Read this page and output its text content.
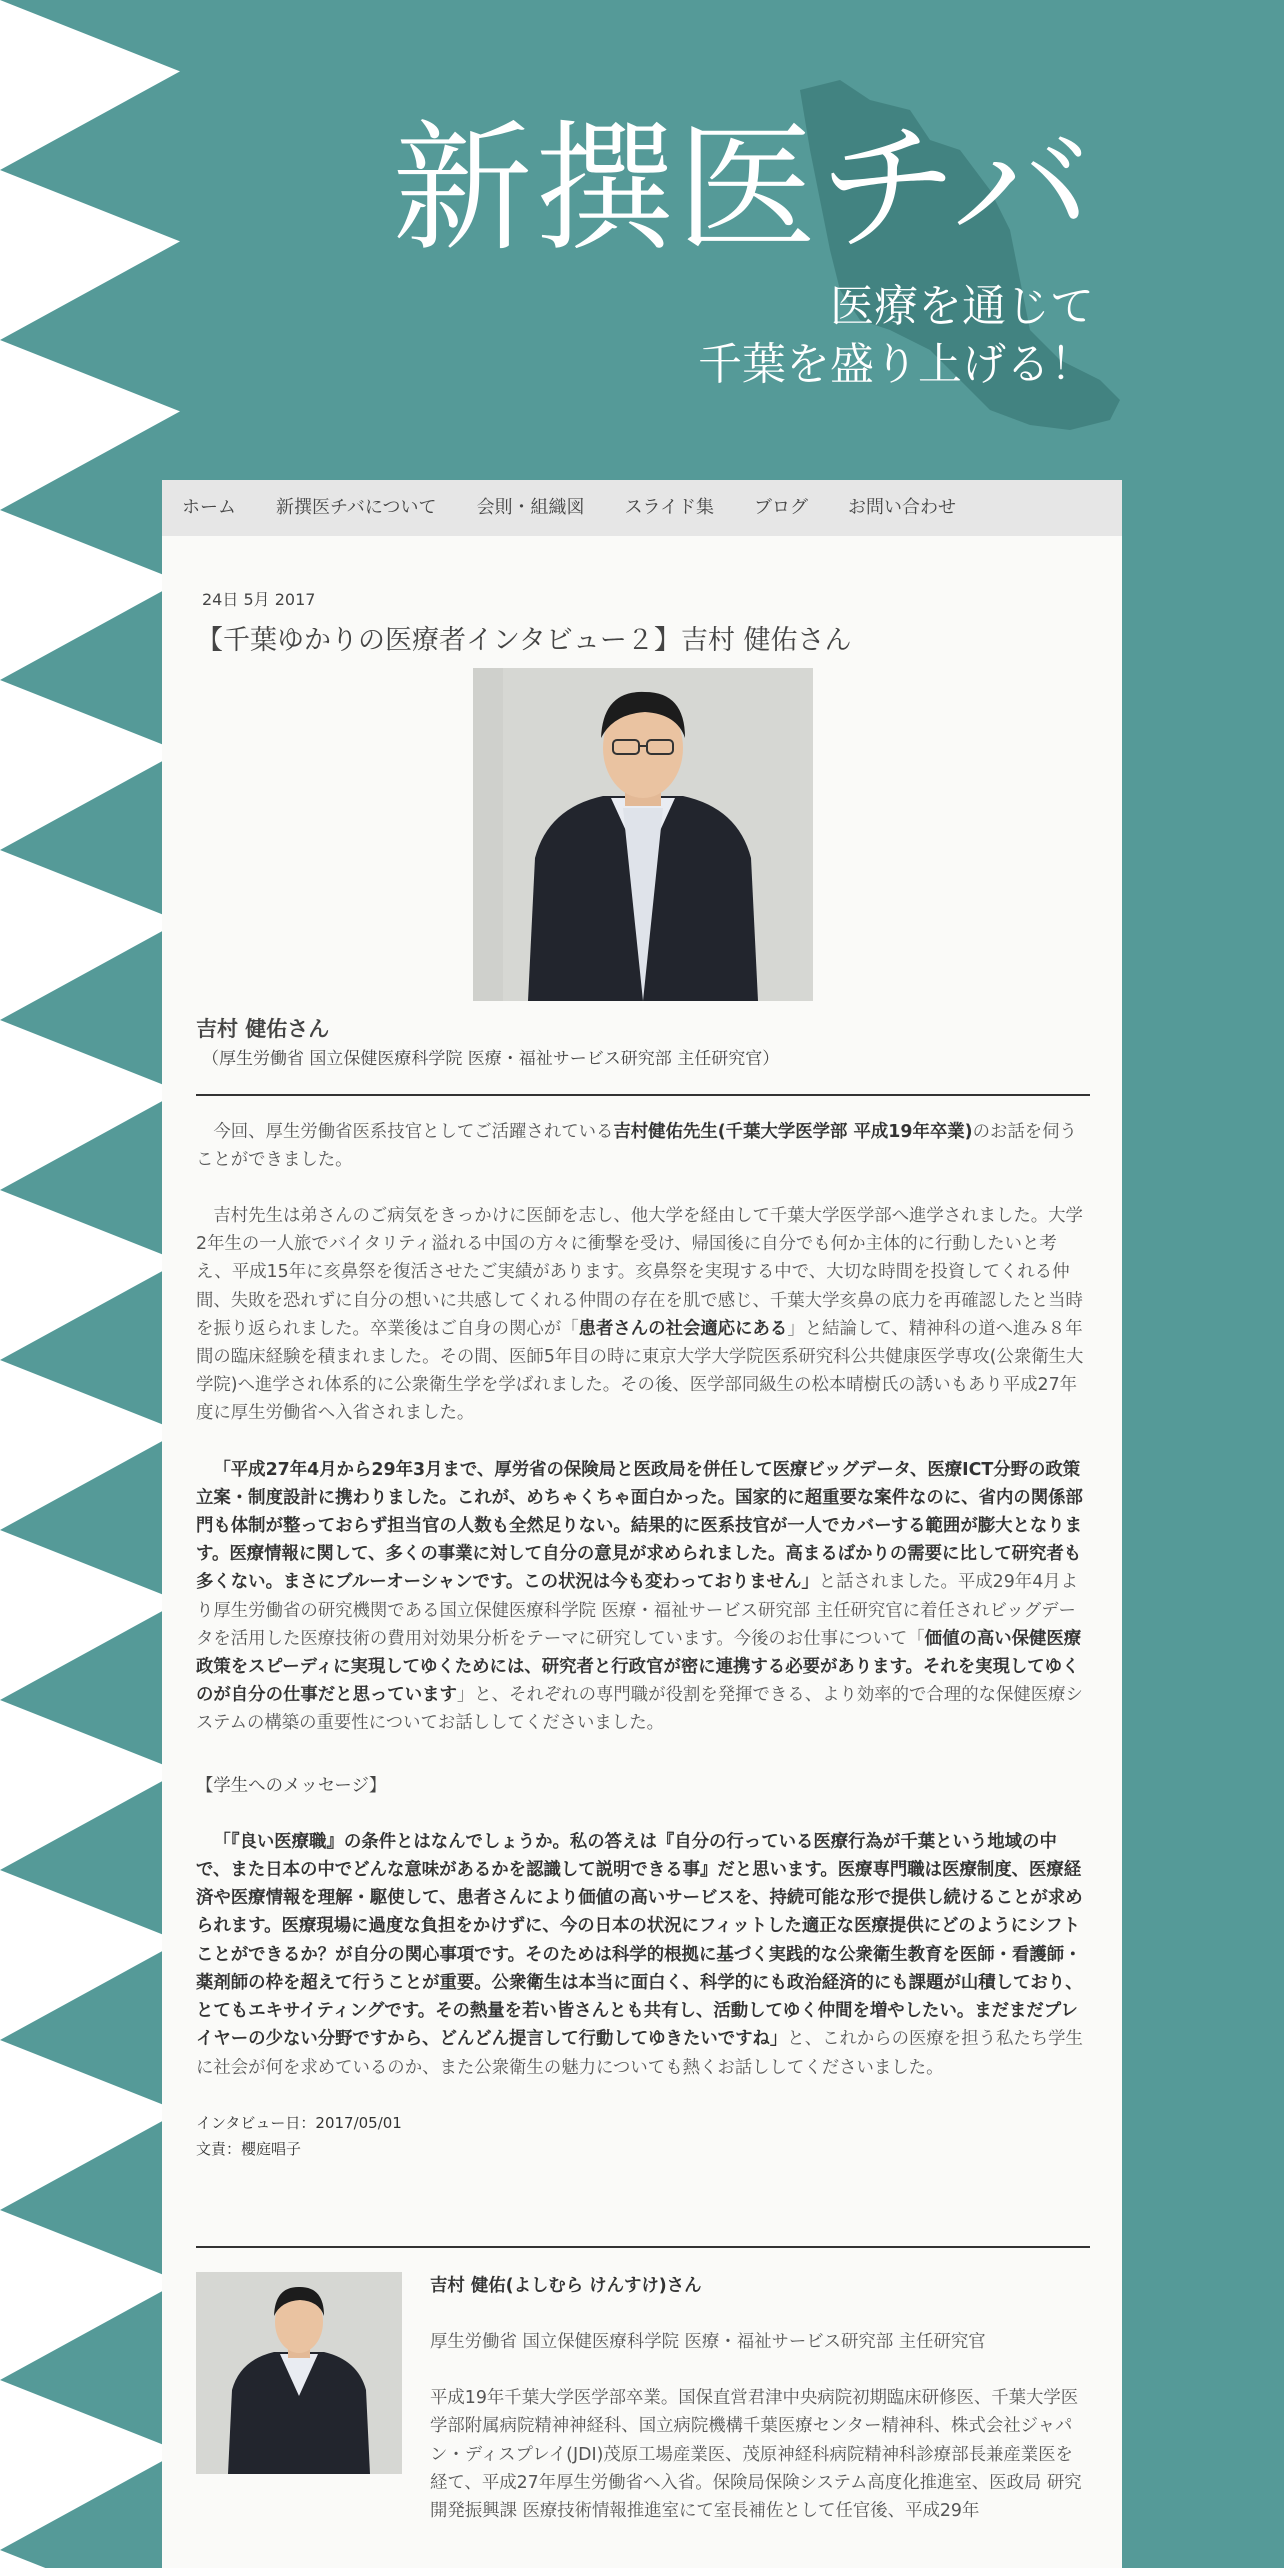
新撰医チバ
医療を通じて
千葉を盛り上げる！
ホーム	新撰医チバについて	会則・組織図	スライド集	ブログ	お問い合わせ
24日 5月 2017
【千葉ゆかりの医療者インタビュー２】吉村 健佑さん
吉村 健佑さん
（厚生労働省 国立保健医療科学院 医療・福祉サービス研究部 主任研究官）

今回、厚生労働省医系技官としてご活躍されている吉村健佑先生(千葉大学医学部 平成19年卒業)のお話を伺うことができました。

吉村先生は弟さんのご病気をきっかけに医師を志し、他大学を経由して千葉大学医学部へ進学されました。大学2年生の一人旅でバイタリティ溢れる中国の方々に衝撃を受け、帰国後に自分でも何か主体的に行動したいと考え、平成15年に亥鼻祭を復活させたご実績があります。亥鼻祭を実現する中で、大切な時間を投資してくれる仲間、失敗を恐れずに自分の想いに共感してくれる仲間の存在を肌で感じ、千葉大学亥鼻の底力を再確認したと当時を振り返られました。卒業後はご自身の関心が「患者さんの社会適応にある」と結論して、精神科の道へ進み８年間の臨床経験を積まれました。その間、医師5年目の時に東京大学大学院医系研究科公共健康医学専攻(公衆衛生大学院)へ進学され体系的に公衆衛生学を学ばれました。その後、医学部同級生の松本晴樹氏の誘いもあり平成27年度に厚生労働省へ入省されました。

「平成27年4月から29年3月まで、厚労省の保険局と医政局を併任して医療ビッグデータ、医療ICT分野の政策立案・制度設計に携わりました。これが、めちゃくちゃ面白かった。国家的に超重要な案件なのに、省内の関係部門も体制が整っておらず担当官の人数も全然足りない。結果的に医系技官が一人でカバーする範囲が膨大となります。医療情報に関して、多くの事業に対して自分の意見が求められました。高まるばかりの需要に比して研究者も多くない。まさにブルーオーシャンです。この状況は今も変わっておりません」と話されました。平成29年4月より厚生労働省の研究機関である国立保健医療科学院 医療・福祉サービス研究部 主任研究官に着任されビッグデータを活用した医療技術の費用対効果分析をテーマに研究しています。今後のお仕事について「価値の高い保健医療政策をスピーディに実現してゆくためには、研究者と行政官が密に連携する必要があります。それを実現してゆくのが自分の仕事だと思っています」と、それぞれの専門職が役割を発揮できる、より効率的で合理的な保健医療システムの構築の重要性についてお話ししてくださいました。

【学生へのメッセージ】

「『良い医療職』の条件とはなんでしょうか。私の答えは『自分の行っている医療行為が千葉という地域の中で、また日本の中でどんな意味があるかを認識して説明できる事』だと思います。医療専門職は医療制度、医療経済や医療情報を理解・駆使して、患者さんにより価値の高いサービスを、持続可能な形で提供し続けることが求められます。医療現場に過度な負担をかけずに、今の日本の状況にフィットした適正な医療提供にどのようにシフトことができるか？が自分の関心事項です。そのためは科学的根拠に基づく実践的な公衆衛生教育を医師・看護師・薬剤師の枠を超えて行うことが重要。公衆衛生は本当に面白く、科学的にも政治経済的にも課題が山積しており、とてもエキサイティングです。その熱量を若い皆さんとも共有し、活動してゆく仲間を増やしたい。まだまだプレイヤーの少ない分野ですから、どんどん提言して行動してゆきたいですね」と、これからの医療を担う私たち学生に社会が何を求めているのか、また公衆衛生の魅力についても熱くお話ししてくださいました。

インタビュー日：2017/05/01

文責：櫻庭唱子

吉村 健佑(よしむら けんすけ)さん

厚生労働省 国立保健医療科学院 医療・福祉サービス研究部 主任研究官

平成19年千葉大学医学部卒業。国保直営君津中央病院初期臨床研修医、千葉大学医学部附属病院精神神経科、国立病院機構千葉医療センター精神科、株式会社ジャパン・ディスプレイ(JDI)茂原工場産業医、茂原神経科病院精神科診療部長兼産業医を経て、平成27年厚生労働省へ入省。保険局保険システム高度化推進室、医政局 研究開発振興課 医療技術情報推進室にて室長補佐として任官後、平成29年
